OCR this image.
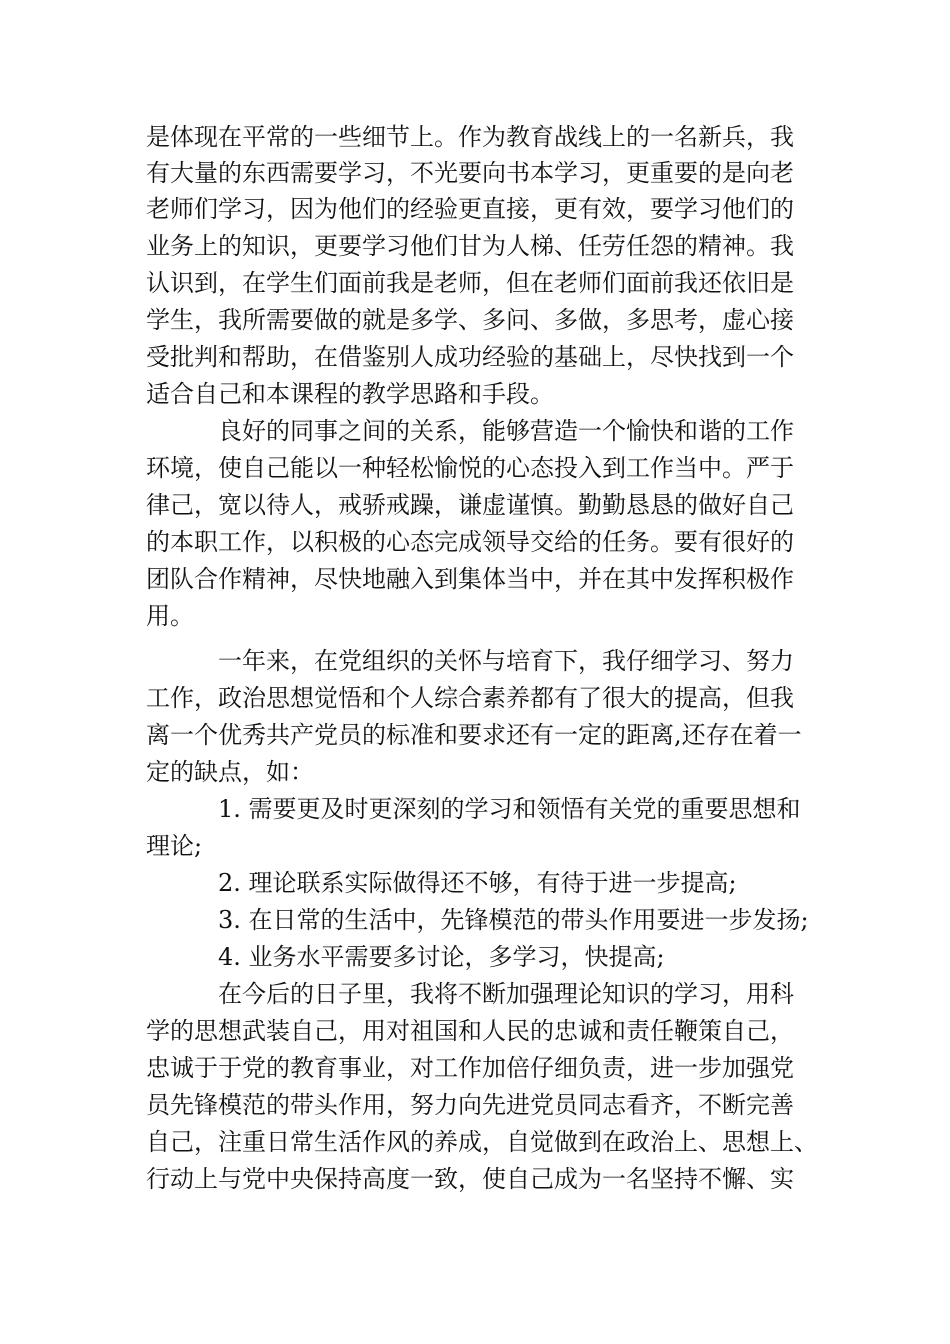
是体现在平常的一些细节上。作为教育战线上的一名新兵，我
有大量的东西需要学习，不光要向书本学习，更重要的是向老
老师们学习，因为他们的经验更直接，更有效，要学习他们的
业务上的知识，更要学习他们甘为人梯、任劳任怨的精神。我
认识到，在学生们面前我是老师，但在老师们面前我还依旧是
学生，我所需要做的就是多学、多问、多做，多思考，虚心接
受批判和帮助，在借鉴别人成功经验的基础上，尽快找到一个
适合自己和本课程的教学思路和手段。
良好的同事之间的关系，能够营造一个愉快和谐的工作
环境，使自己能以一种轻松愉悦的心态投入到工作当中。严于
律己，宽以待人，戒骄戒躁，谦虚谨慎。勤勤恳恳的做好自己
的本职工作，以积极的心态完成领导交给的任务。要有很好的
团队合作精神，尽快地融入到集体当中，并在其中发挥积极作
用。
一年来，在党组织的关怀与培育下，我仔细学习、努力
工作，政治思想觉悟和个人综合素养都有了很大的提高，但我
离一个优秀共产党员的标准和要求还有一定的距离,还存在着一
定的缺点，如：
1. 需要更及时更深刻的学习和领悟有关党的重要思想和
理论;
2. 理论联系实际做得还不够，有待于进一步提高;
3. 在日常的生活中，先锋模范的带头作用要进一步发扬;
4. 业务水平需要多讨论，多学习，快提高;
在今后的日子里，我将不断加强理论知识的学习，用科
学的思想武装自己，用对祖国和人民的忠诚和责任鞭策自己，
忠诚于于党的教育事业，对工作加倍仔细负责，进一步加强党
员先锋模范的带头作用，努力向先进党员同志看齐，不断完善
自己，注重日常生活作风的养成，自觉做到在政治上、思想上、
行动上与党中央保持高度一致，使自己成为一名坚持不懈、实
